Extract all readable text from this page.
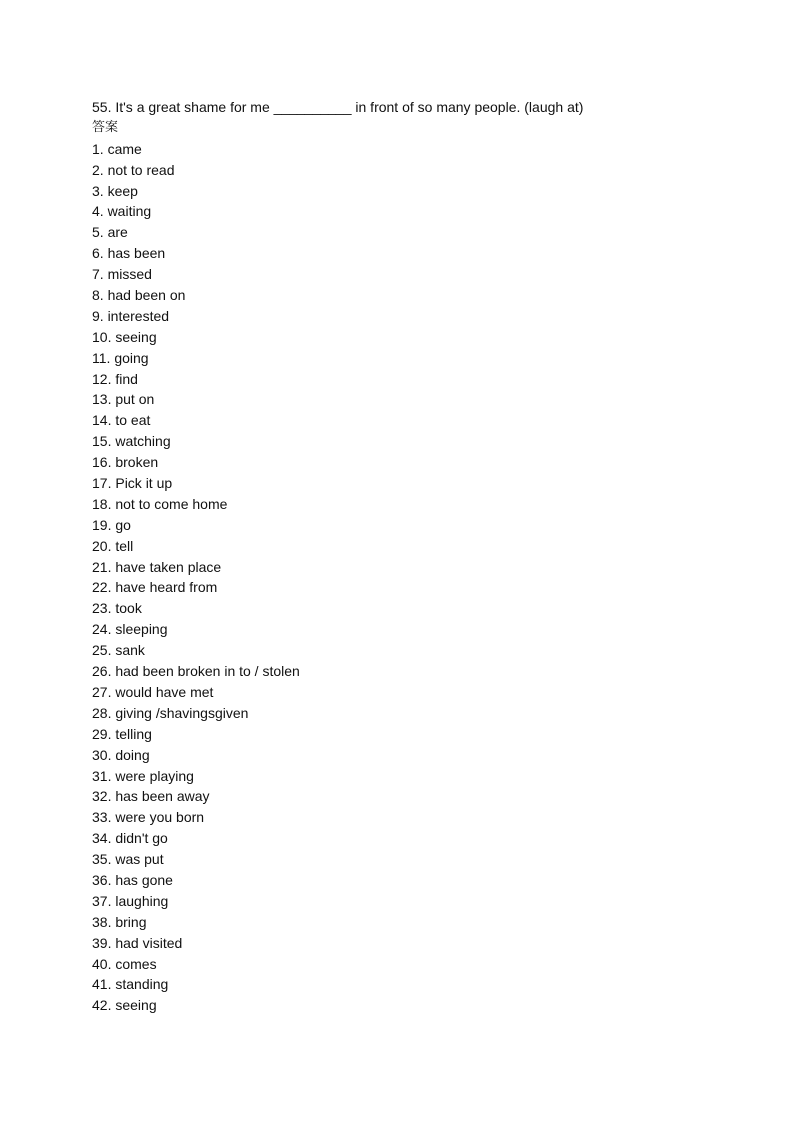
55. It's a great shame for me __________ in front of so many people. (laugh at)
答案
1. came
2. not to read
3. keep
4. waiting
5. are
6. has been
7. missed
8. had been on
9. interested
10. seeing
11. going
12. find
13. put on
14. to eat
15. watching
16. broken
17. Pick it up
18. not to come home
19. go
20. tell
21. have taken place
22. have heard from
23. took
24. sleeping
25. sank
26. had been broken in to / stolen
27. would have met
28. giving /shavingsgiven
29. telling
30. doing
31. were playing
32. has been away
33. were you born
34. didn't go
35. was put
36. has gone
37. laughing
38. bring
39. had visited
40. comes
41. standing
42. seeing
